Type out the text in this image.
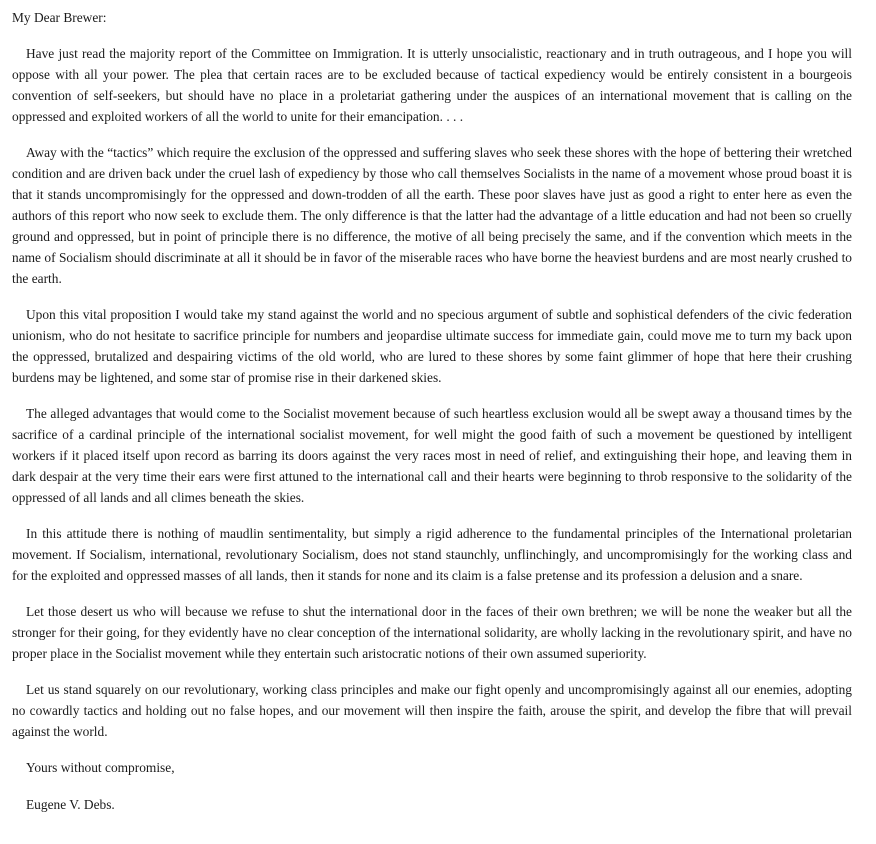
My Dear Brewer:

Have just read the majority report of the Committee on Immigration. It is utterly unsocialistic, reactionary and in truth outrageous, and I hope you will oppose with all your power. The plea that certain races are to be excluded because of tactical expediency would be entirely consistent in a bourgeois convention of self-seekers, but should have no place in a proletariat gathering under the auspices of an international movement that is calling on the oppressed and exploited workers of all the world to unite for their emancipation. . . .

Away with the “tactics” which require the exclusion of the oppressed and suffering slaves who seek these shores with the hope of bettering their wretched condition and are driven back under the cruel lash of expediency by those who call themselves Socialists in the name of a movement whose proud boast it is that it stands uncompromisingly for the oppressed and down-trodden of all the earth. These poor slaves have just as good a right to enter here as even the authors of this report who now seek to exclude them. The only difference is that the latter had the advantage of a little education and had not been so cruelly ground and oppressed, but in point of principle there is no difference, the motive of all being precisely the same, and if the convention which meets in the name of Socialism should discriminate at all it should be in favor of the miserable races who have borne the heaviest burdens and are most nearly crushed to the earth.

Upon this vital proposition I would take my stand against the world and no specious argument of subtle and sophistical defenders of the civic federation unionism, who do not hesitate to sacrifice principle for numbers and jeopardise ultimate success for immediate gain, could move me to turn my back upon the oppressed, brutalized and despairing victims of the old world, who are lured to these shores by some faint glimmer of hope that here their crushing burdens may be lightened, and some star of promise rise in their darkened skies.

The alleged advantages that would come to the Socialist movement because of such heartless exclusion would all be swept away a thousand times by the sacrifice of a cardinal principle of the international socialist movement, for well might the good faith of such a movement be questioned by intelligent workers if it placed itself upon record as barring its doors against the very races most in need of relief, and extinguishing their hope, and leaving them in dark despair at the very time their ears were first attuned to the international call and their hearts were beginning to throb responsive to the solidarity of the oppressed of all lands and all climes beneath the skies.

In this attitude there is nothing of maudlin sentimentality, but simply a rigid adherence to the fundamental principles of the International proletarian movement. If Socialism, international, revolutionary Socialism, does not stand staunchly, unflinchingly, and uncompromisingly for the working class and for the exploited and oppressed masses of all lands, then it stands for none and its claim is a false pretense and its profession a delusion and a snare.

Let those desert us who will because we refuse to shut the international door in the faces of their own brethren; we will be none the weaker but all the stronger for their going, for they evidently have no clear conception of the international solidarity, are wholly lacking in the revolutionary spirit, and have no proper place in the Socialist movement while they entertain such aristocratic notions of their own assumed superiority.

Let us stand squarely on our revolutionary, working class principles and make our fight openly and uncompromisingly against all our enemies, adopting no cowardly tactics and holding out no false hopes, and our movement will then inspire the faith, arouse the spirit, and develop the fibre that will prevail against the world.

Yours without compromise,

Eugene V. Debs.
